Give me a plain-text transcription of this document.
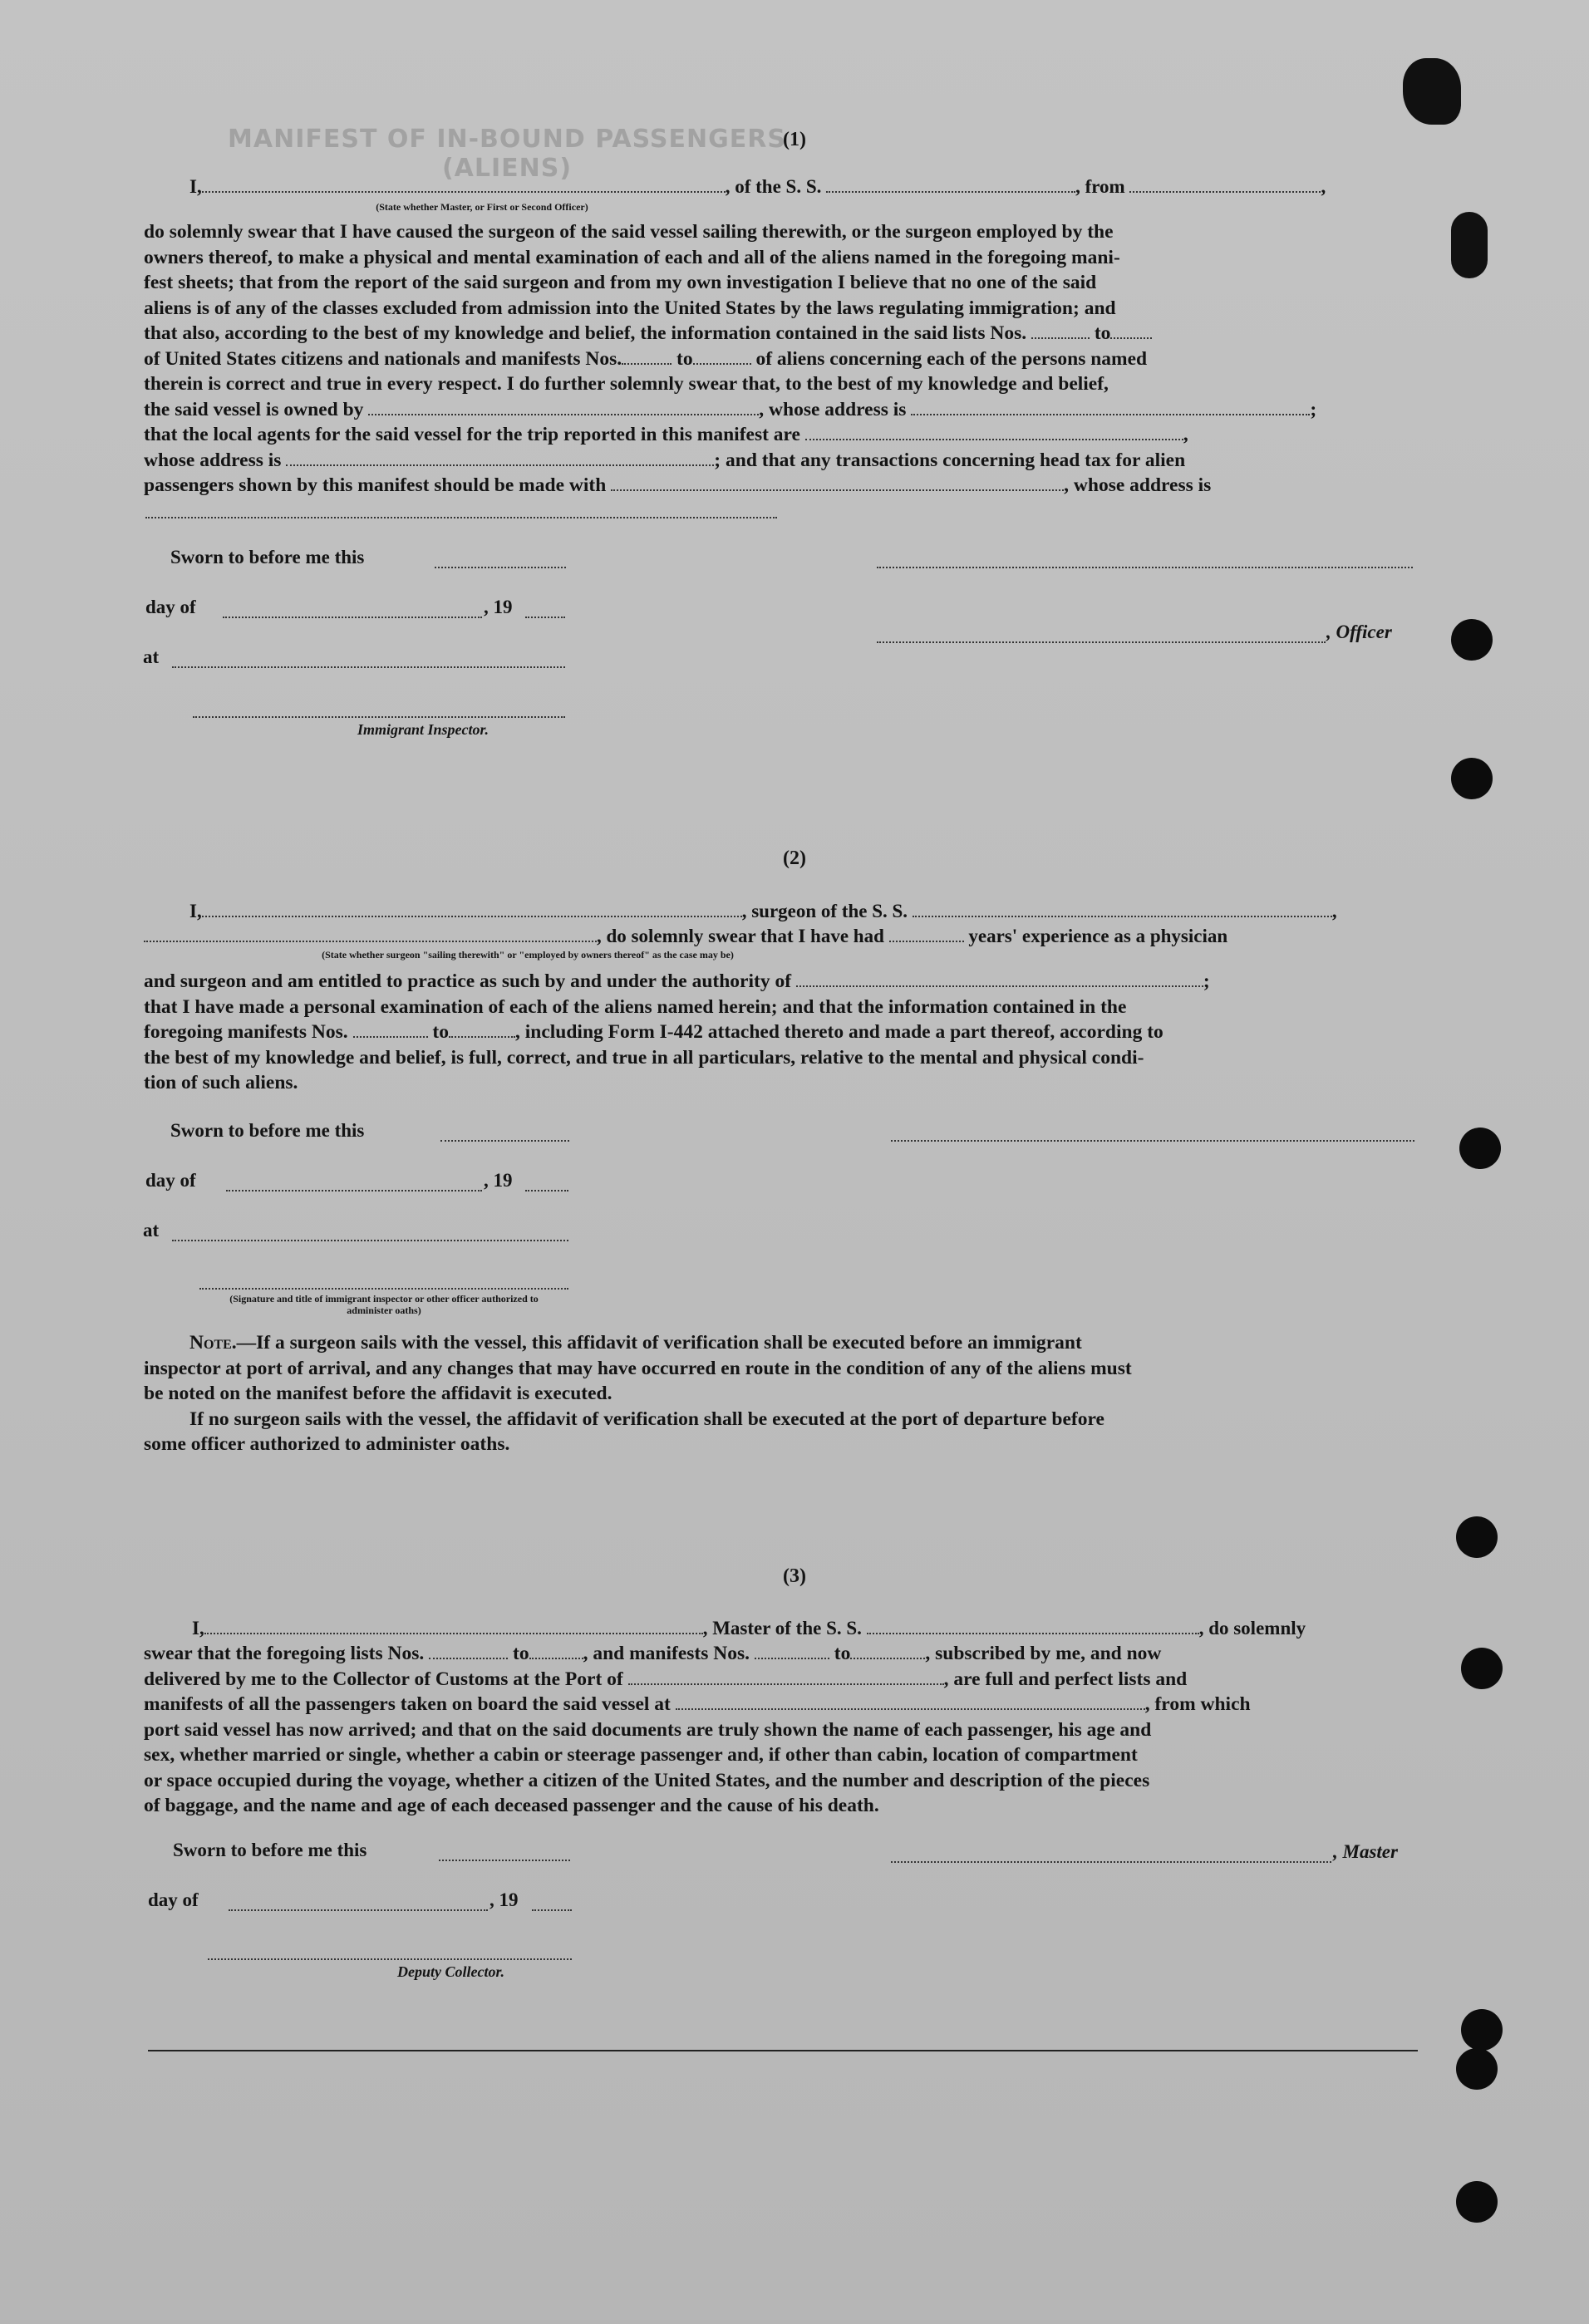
MANIFEST OF IN-BOUND PASSENGERS (ALIENS)
(1)
I,	, of the S. S.	, from	,
(State whether Master, or First or Second Officer)
do solemnly swear that I have caused the surgeon of the said vessel sailing therewith, or the surgeon employed by the
owners thereof, to make a physical and mental examination of each and all of the aliens named in the foregoing mani-
fest sheets; that from the report of the said surgeon and from my own investigation I believe that no one of the said
aliens is of any of the classes excluded from admission into the United States by the laws regulating immigration; and
that also, according to the best of my knowledge and belief, the information contained in the said lists Nos.	to
of United States citizens and nationals and manifests Nos.	to	of aliens concerning each of the persons named
therein is correct and true in every respect. I do further solemnly swear that, to the best of my knowledge and belief,
the said vessel is owned by	, whose address is	;
that the local agents for the said vessel for the trip reported in this manifest are	,
whose address is	; and that any transactions concerning head tax for alien
passengers shown by this manifest should be made with	, whose address is
Sworn to before me this
day of	, 19
, Officer
at
Immigrant Inspector.
(2)
I,	, surgeon of the S. S.	,
, do solemnly swear that I have had	years' experience as a physician
(State whether surgeon "sailing therewith" or "employed by owners thereof" as the case may be)
and surgeon and am entitled to practice as such by and under the authority of	;
that I have made a personal examination of each of the aliens named herein; and that the information contained in the
foregoing manifests Nos.	to	, including Form I-442 attached thereto and made a part thereof, according to
the best of my knowledge and belief, is full, correct, and true in all particulars, relative to the mental and physical condi-
tion of such aliens.
Sworn to before me this
day of	, 19
at
(Signature and title of immigrant inspector or other officer authorized to administer oaths)
Note.—If a surgeon sails with the vessel, this affidavit of verification shall be executed before an immigrant
inspector at port of arrival, and any changes that may have occurred en route in the condition of any of the aliens must
be noted on the manifest before the affidavit is executed.
If no surgeon sails with the vessel, the affidavit of verification shall be executed at the port of departure before
some officer authorized to administer oaths.
(3)
I,	, Master of the S. S.	, do solemnly
swear that the foregoing lists Nos.	to	, and manifests Nos.	to	, subscribed by me, and now
delivered by me to the Collector of Customs at the Port of	, are full and perfect lists and
manifests of all the passengers taken on board the said vessel at	, from which
port said vessel has now arrived; and that on the said documents are truly shown the name of each passenger, his age and
sex, whether married or single, whether a cabin or steerage passenger and, if other than cabin, location of compartment
or space occupied during the voyage, whether a citizen of the United States, and the number and description of the pieces
of baggage, and the name and age of each deceased passenger and the cause of his death.
Sworn to before me this	, Master
day of	, 19
Deputy Collector.
